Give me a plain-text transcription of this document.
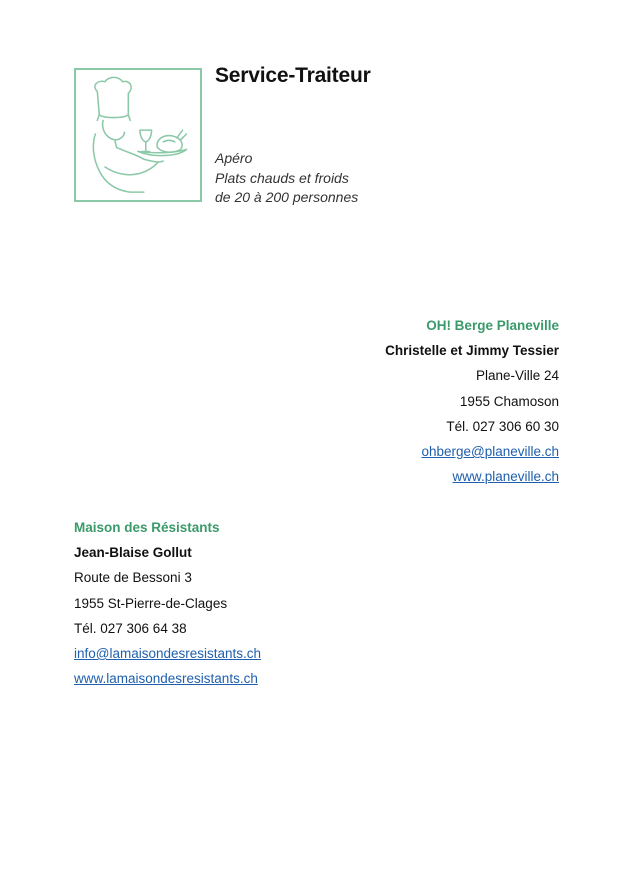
Service-Traiteur
Apéro
Plats chauds et froids
de 20 à 200 personnes
OH! Berge Planeville
Christelle et Jimmy Tessier
Plane-Ville 24
1955 Chamoson
Tél. 027 306 60 30
ohberge@planeville.ch
www.planeville.ch
Maison des Résistants
Jean-Blaise Gollut
Route de Bessoni 3
1955 St-Pierre-de-Clages
Tél. 027 306 64 38
info@lamaisondesresistants.ch
www.lamaisondesresistants.ch
